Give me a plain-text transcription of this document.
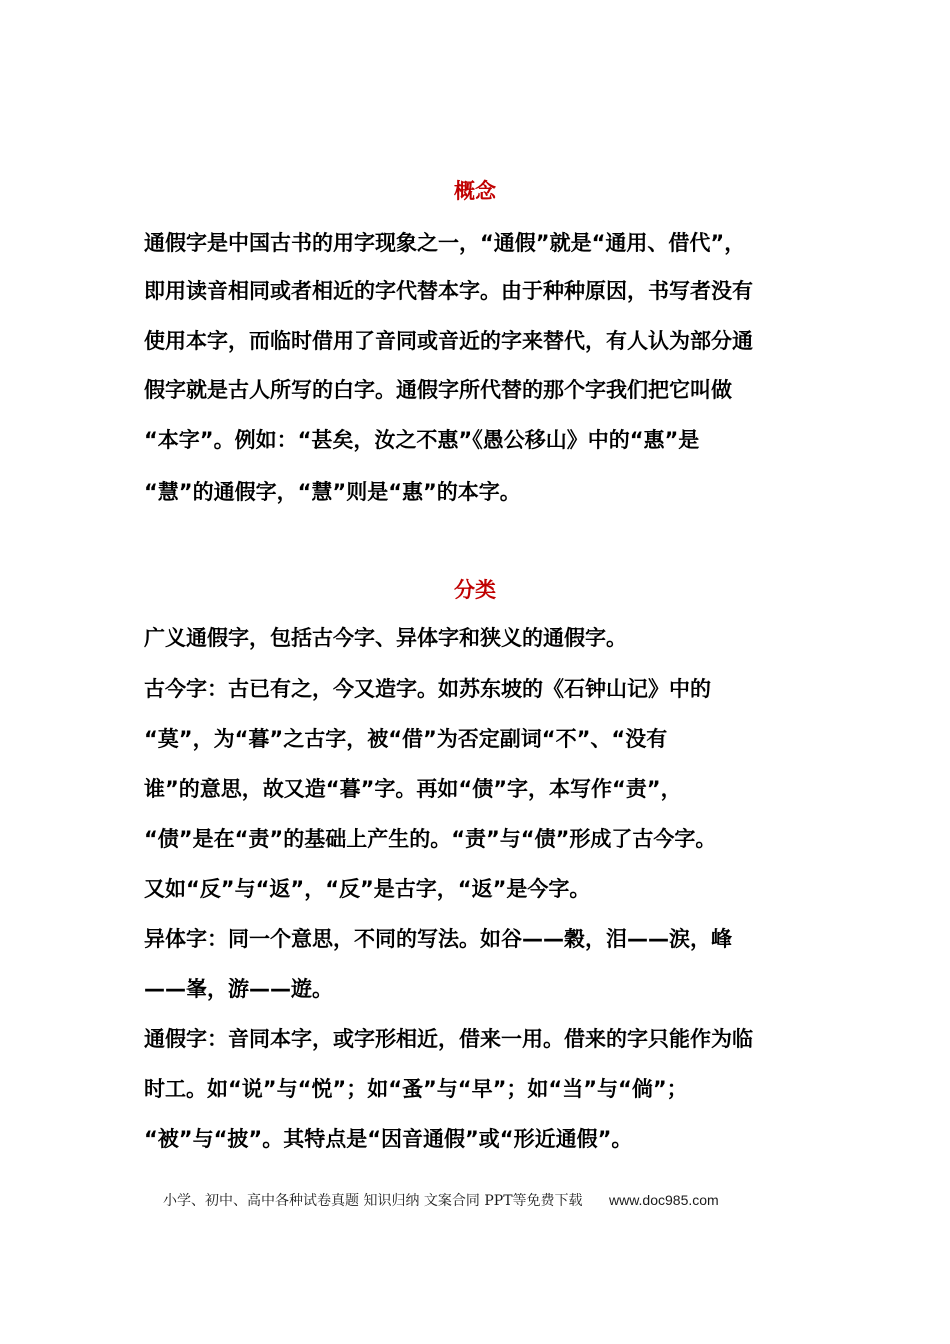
概念
通假字是中国古书的用字现象之一，“通假”就是“通用、借代”，
即用读音相同或者相近的字代替本字。由于种种原因，书写者没有
使用本字，而临时借用了音同或音近的字来替代，有人认为部分通
假字就是古人所写的白字。通假字所代替的那个字我们把它叫做
“本字”。例如：“甚矣，汝之不惠”《愚公移山》中的“惠”是
“慧”的通假字，“慧”则是“惠”的本字。
分类
广义通假字，包括古今字、异体字和狭义的通假字。
古今字：古已有之，今又造字。如苏东坡的《石钟山记》中的
“莫”，为“暮”之古字，被“借”为否定副词“不”、“没有
谁”的意思，故又造“暮”字。再如“债”字，本写作“责”，
“债”是在“责”的基础上产生的。“责”与“债”形成了古今字。
又如“反”与“返”，“反”是古字，“返”是今字。
异体字：同一个意思，不同的写法。如谷——穀，泪——涙，峰
——峯，游——遊。
通假字：音同本字，或字形相近，借来一用。借来的字只能作为临
时工。如“说”与“悦”；如“蚤”与“早”；如“当”与“倘”；
“被”与“披”。其特点是“因音通假”或“形近通假”。
小学、初中、高中各种试卷真题 知识归纳 文案合同 PPT等免费下载 www.doc985.com
